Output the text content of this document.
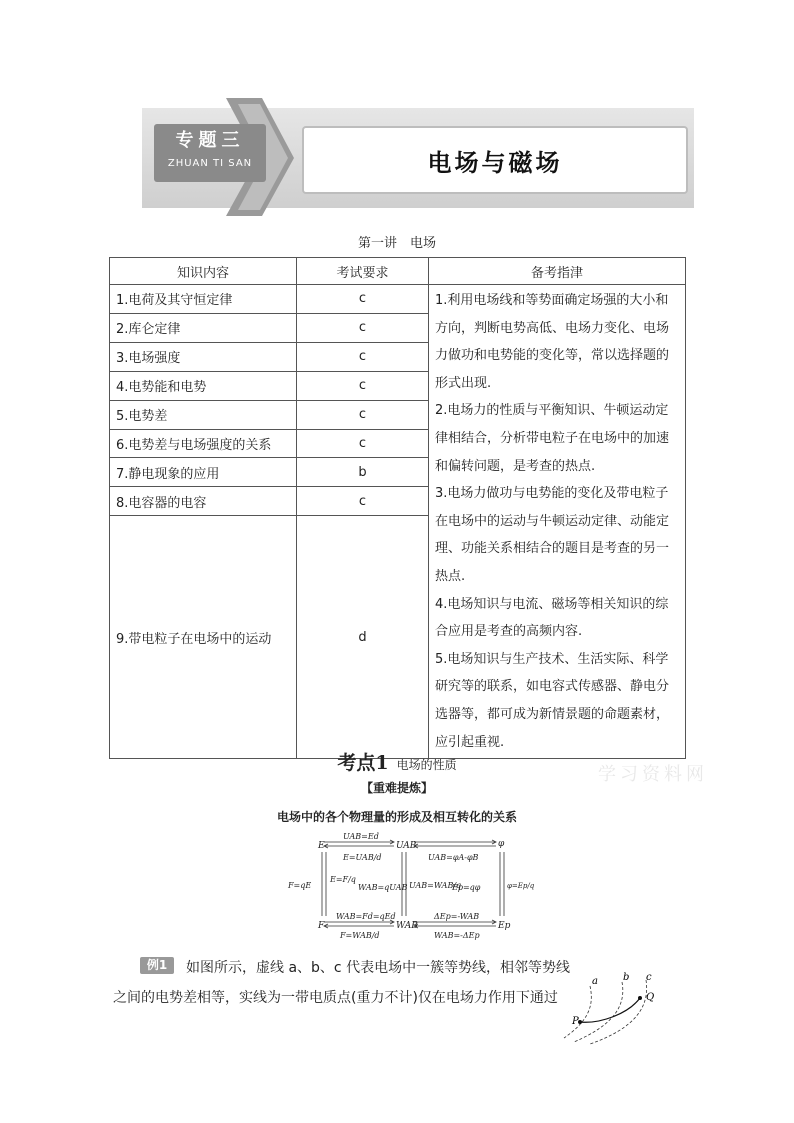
专题三
ZHUAN TI SAN	电场与磁场
第一讲　电场
知识内容	考试要求	备考指津
1.电荷及其守恒定律	c	1.利用电场线和等势面确定场强的大小和方向，判断电势高低、电场力变化、电场力做功和电势能的变化等，常以选择题的形式出现.

2.电场力的性质与平衡知识、牛顿运动定律相结合，分析带电粒子在电场中的加速和偏转问题，是考查的热点.

3.电场力做功与电势能的变化及带电粒子在电场中的运动与牛顿运动定律、动能定理、功能关系相结合的题目是考查的另一热点.

4.电场知识与电流、磁场等相关知识的综合应用是考查的高频内容.

5.电场知识与生产技术、生活实际、科学研究等的联系，如电容式传感器、静电分选器等，都可成为新情景题的命题素材，应引起重视.

2.库仑定律	c	
3.电场强度	c	
4.电势能和电势	c	
5.电势差	c	
6.电势差与电场强度的关系	c	
7.静电现象的应用	b	
8.电容器的电容	c	
9.带电粒子在电场中的运动	d	
学习资料网
考点1 电场的性质
【重难提炼】
电场中的各个物理量的形成及相互转化的关系
E	UAB	φ
F	WAB	Ep
UAB=Ed
E=UAB/d	UAB=φA-φB
F=qE
E=F/q
WAB=qUAB UAB=WAB/q
Ep=qφ	φ=Ep/q
WAB=Fd=qEd
F=WAB/d
ΔEp=-WAB
WAB=-ΔEp
例1	如图所示，虚线 a、b、c 代表电场中一簇等势线，相邻等势线
之间的电势差相等，实线为一带电质点(重力不计)仅在电场力作用下通过
a	b c
Q
P
